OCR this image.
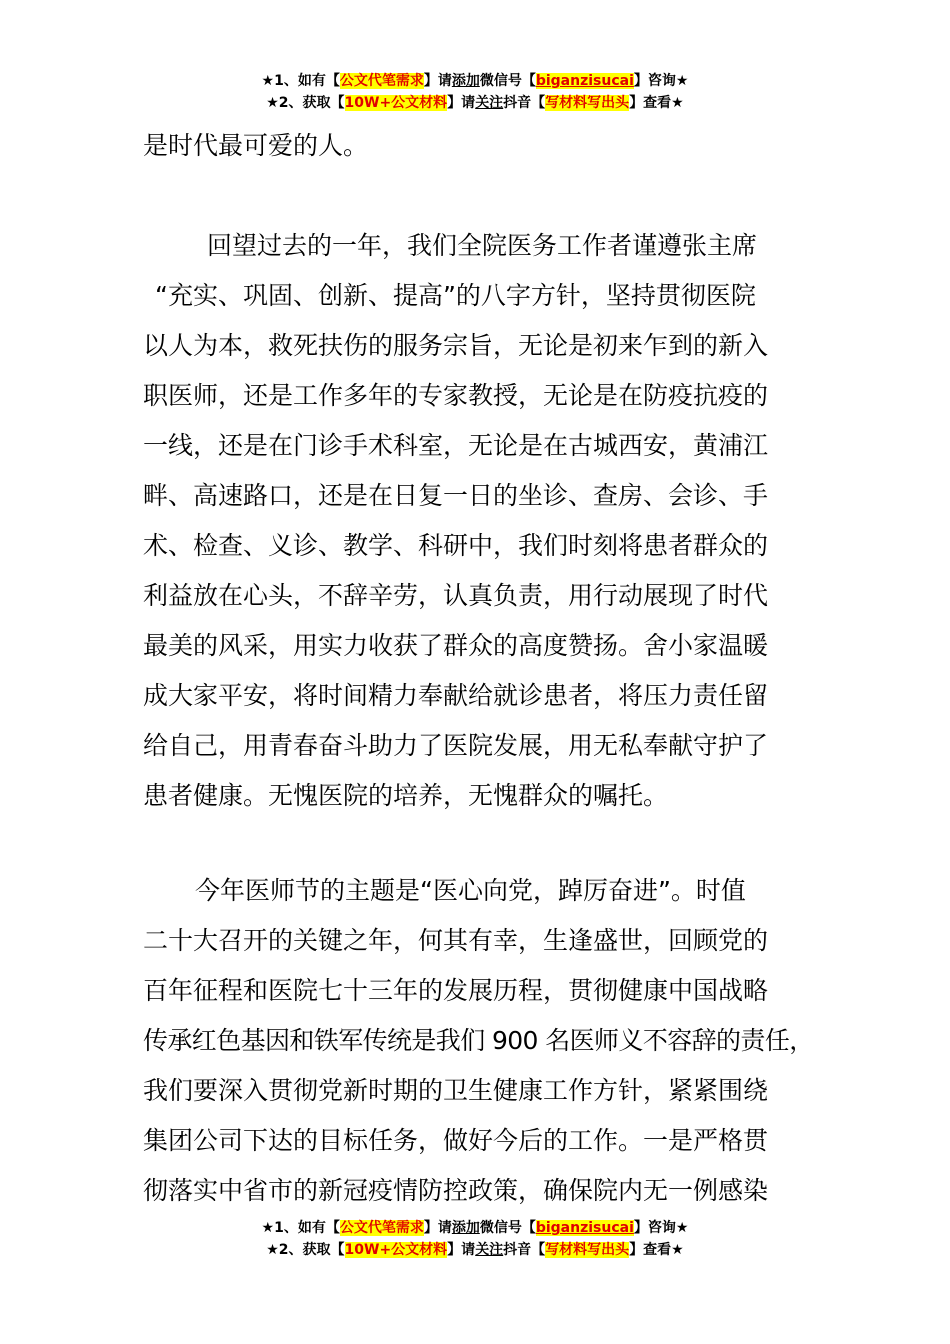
★1、如有【公文代笔需求】请添加微信号【biganzisucai】咨询★
★2、获取【10W+公文材料】请关注抖音【写材料写出头】查看★
是时代最可爱的人。
回望过去的一年，我们全院医务工作者谨遵张主席
“充实、巩固、创新、提高”的八字方针，坚持贯彻医院
以人为本，救死扶伤的服务宗旨，无论是初来乍到的新入
职医师，还是工作多年的专家教授，无论是在防疫抗疫的
一线，还是在门诊手术科室，无论是在古城西安，黄浦江
畔、高速路口，还是在日复一日的坐诊、查房、会诊、手
术、检查、义诊、教学、科研中，我们时刻将患者群众的
利益放在心头，不辞辛劳，认真负责，用行动展现了时代
最美的风采，用实力收获了群众的高度赞扬。舍小家温暖
成大家平安，将时间精力奉献给就诊患者，将压力责任留
给自己，用青春奋斗助力了医院发展，用无私奉献守护了
患者健康。无愧医院的培养，无愧群众的嘱托。
今年医师节的主题是“医心向党，踔厉奋进”。时值
二十大召开的关键之年，何其有幸，生逢盛世，回顾党的
百年征程和医院七十三年的发展历程，贯彻健康中国战略
传承红色基因和铁军传统是我们 900 名医师义不容辞的责任，
我们要深入贯彻党新时期的卫生健康工作方针，紧紧围绕
集团公司下达的目标任务，做好今后的工作。一是严格贯
彻落实中省市的新冠疫情防控政策，确保院内无一例感染
★1、如有【公文代笔需求】请添加微信号【biganzisucai】咨询★
★2、获取【10W+公文材料】请关注抖音【写材料写出头】查看★
